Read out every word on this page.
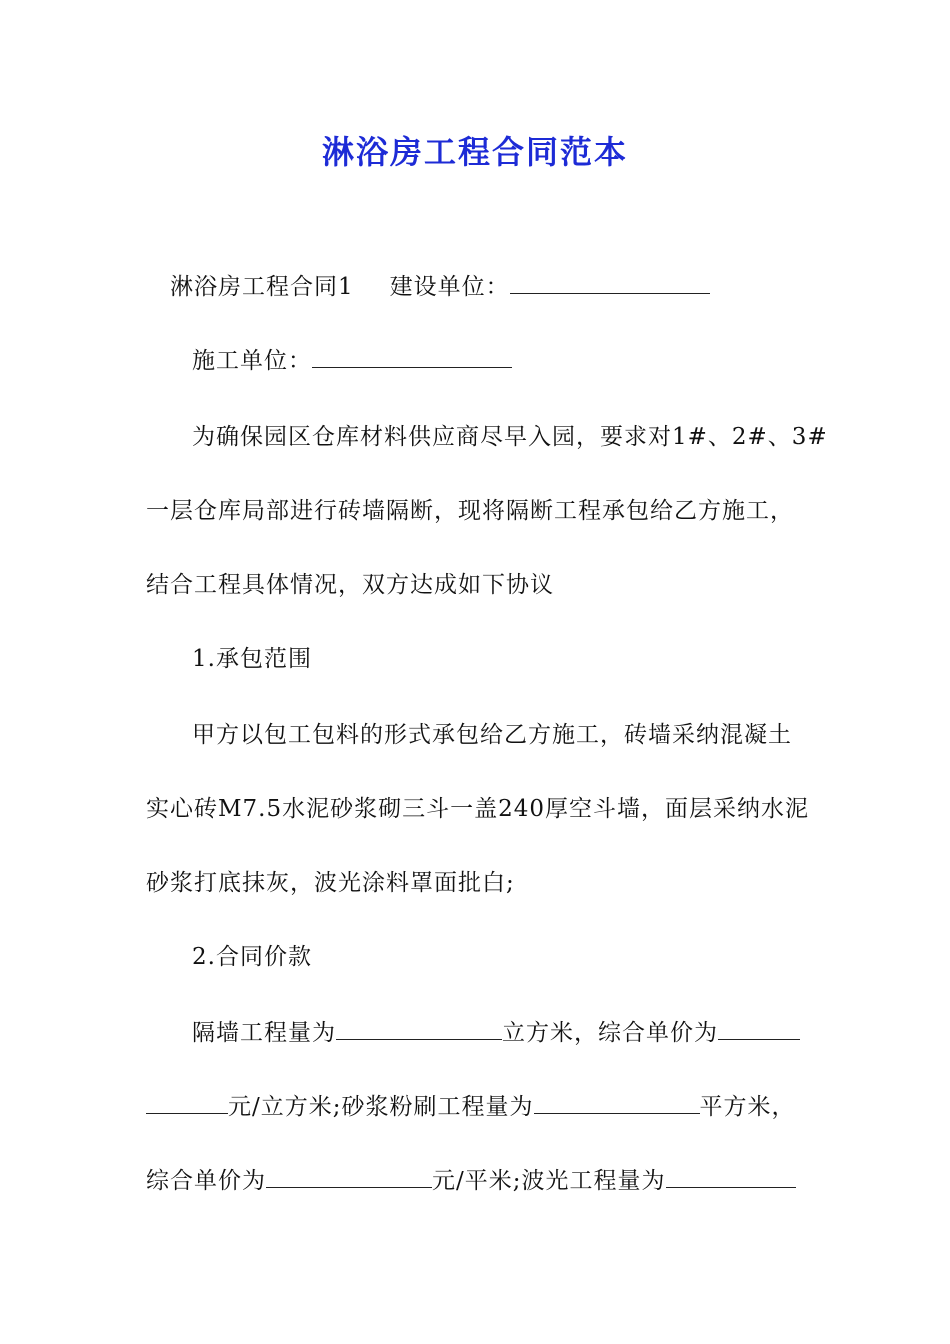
淋浴房工程合同范本
淋浴房工程合同1 建设单位：
施工单位：
为确保园区仓库材料供应商尽早入园，要求对1#、2#、3#
一层仓库局部进行砖墙隔断，现将隔断工程承包给乙方施工，
结合工程具体情况，双方达成如下协议
1.承包范围
甲方以包工包料的形式承包给乙方施工，砖墙采纳混凝土
实心砖M7.5水泥砂浆砌三斗一盖240厚空斗墙，面层采纳水泥
砂浆打底抹灰，波光涂料罩面批白;
2.合同价款
隔墙工程量为	立方米，综合单价为
元/立方米;砂浆粉刷工程量为	平方米，
综合单价为	元/平米;波光工程量为
